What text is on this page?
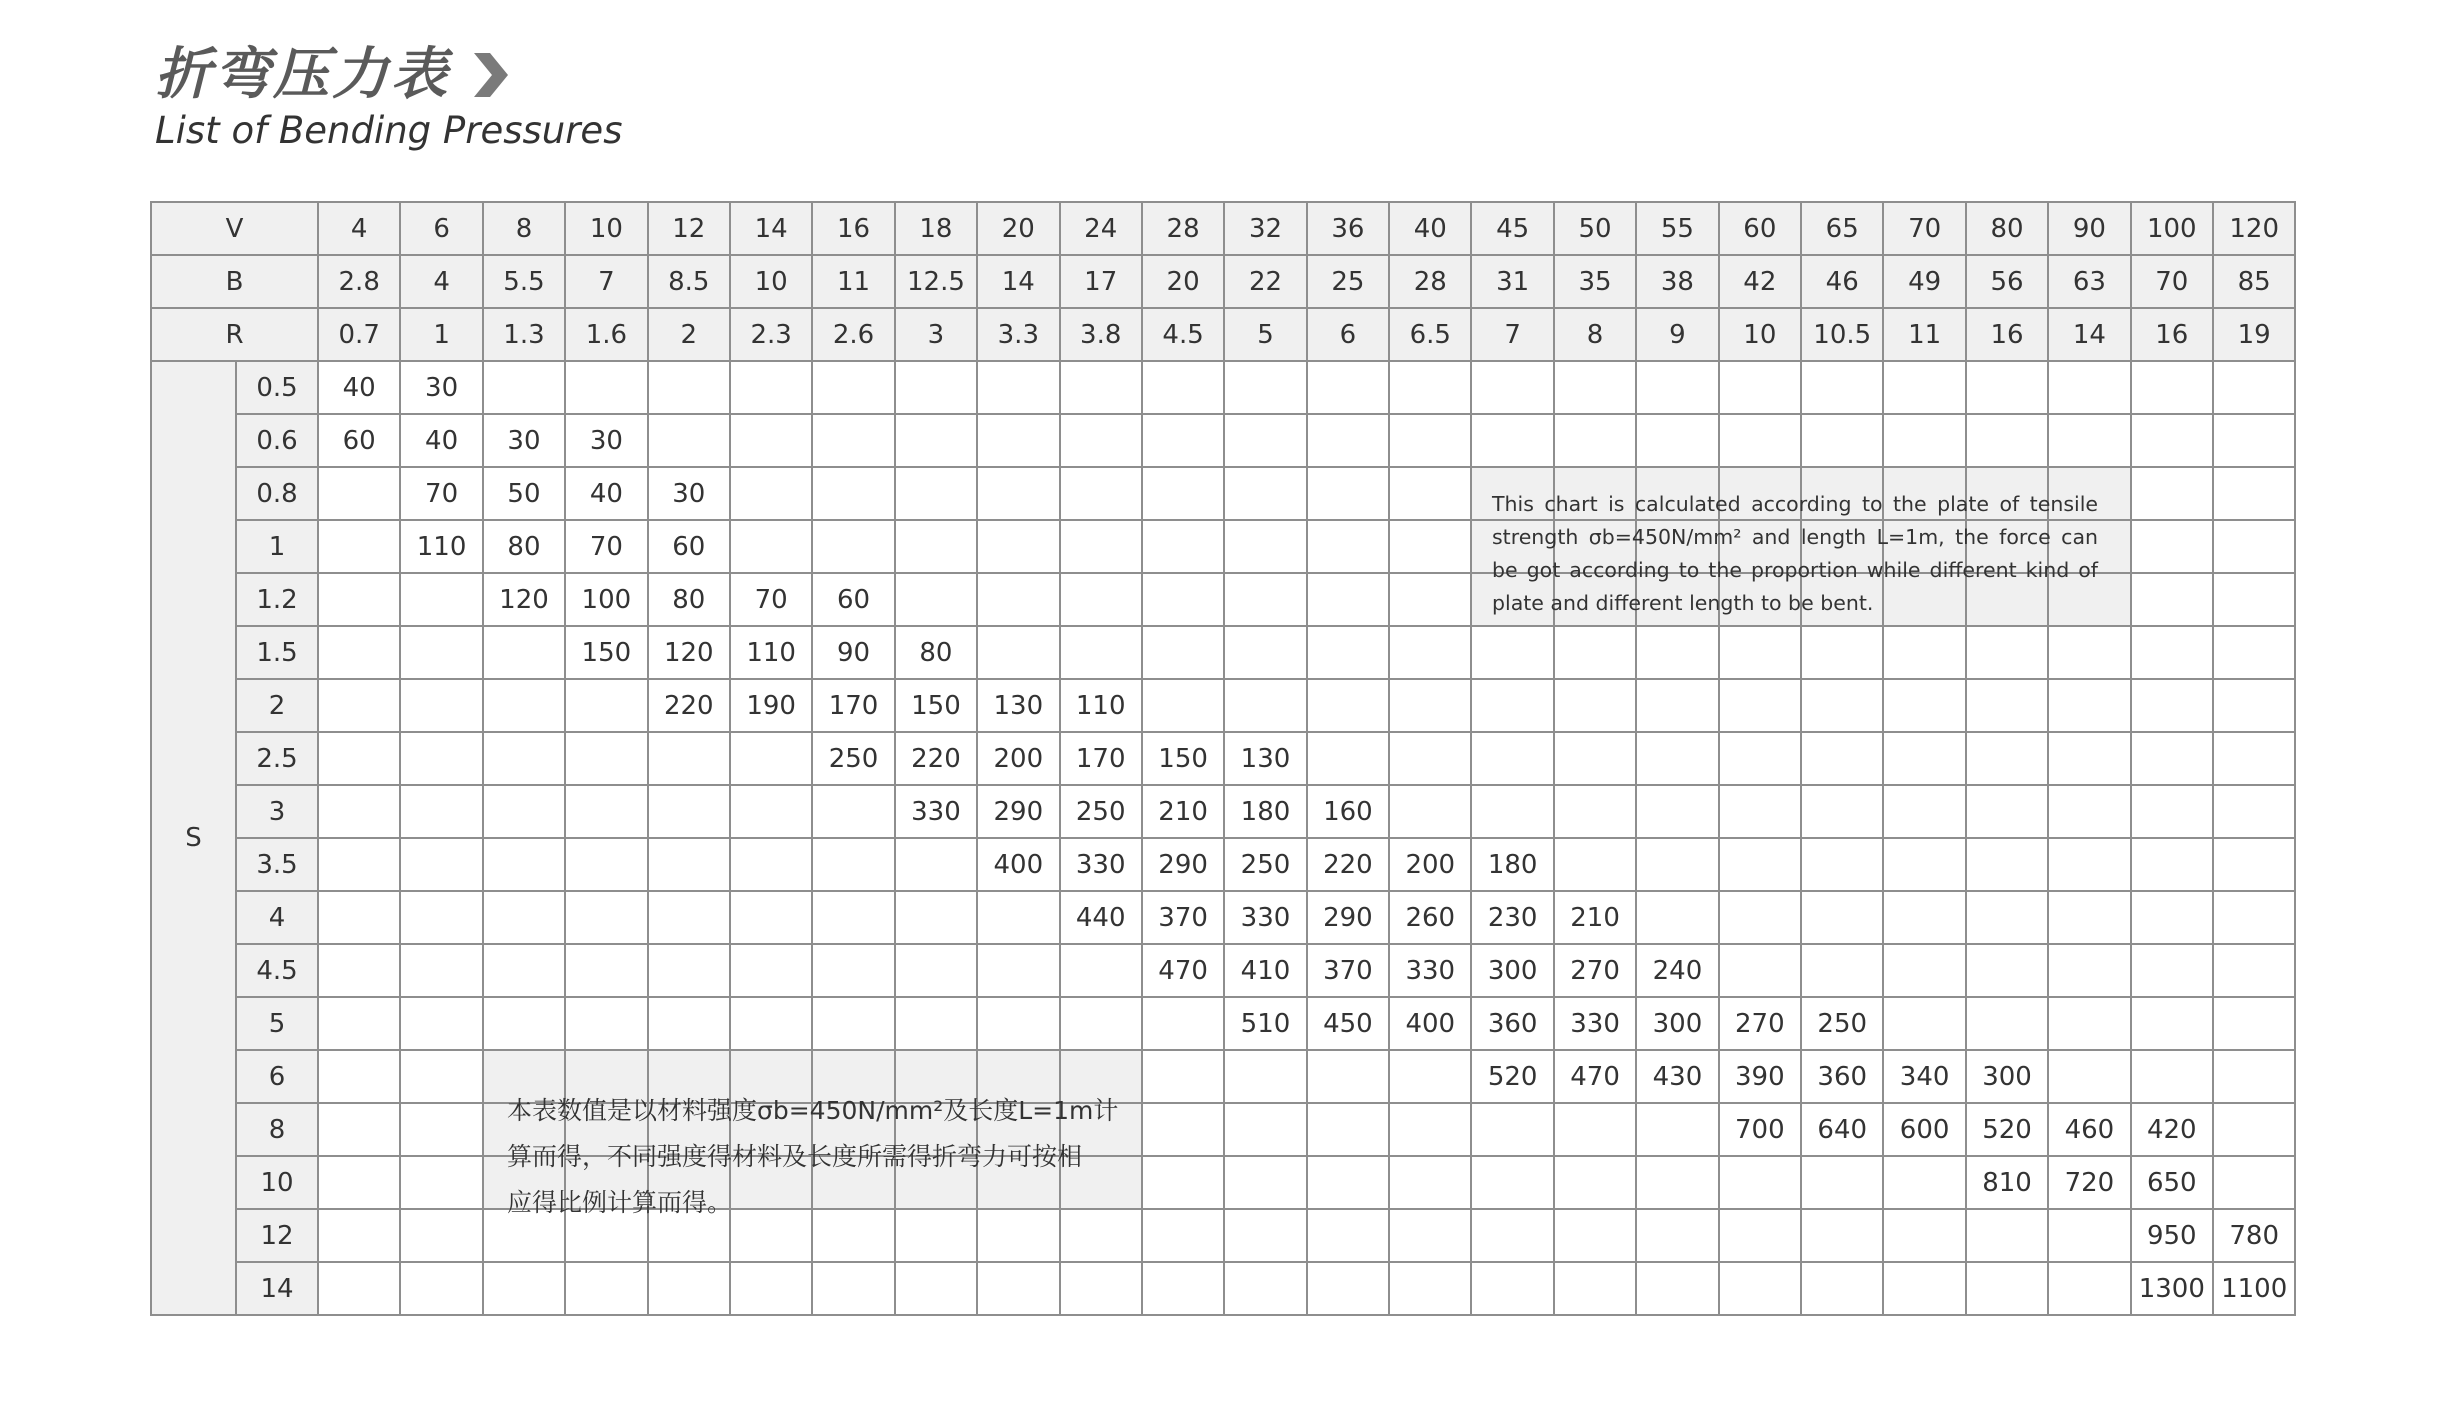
折弯压力表
List of Bending Pressures
V		4	6	8	10	12	14	16	18	20	24	28	32	36	40	45	50	55	60	65	70	80	90	100	120
B		2.8	4	5.5	7	8.5	10	11	12.5	14	17	20	22	25	28	31	35	38	42	46	49	56	63	70	85
R		0.7	1	1.3	1.6	2	2.3	2.6	3	3.3	3.8	4.5	5	6	6.5	7	8	9	10	10.5	11	16	14	16	19
S	0.5	40	30																						
	0.6	60	40	30	30																				
	0.8		70	50	40	30																			
	1		110	80	70	60																			
	1.2			120	100	80	70	60																	
	1.5				150	120	110	90	80																
	2					220	190	170	150	130	110														
	2.5							250	220	200	170	150	130												
	3								330	290	250	210	180	160											
	3.5									400	330	290	250	220	200	180									
	4										440	370	330	290	260	230	210								
	4.5											470	410	370	330	300	270	240							
	5												510	450	400	360	330	300	270	250					
	6															520	470	430	390	360	340	300			
	8																		700	640	600	520	460	420	
	10																					810	720	650	
	12																							950	780
	14																							1300	1100
This chart is calculated according to the plate of tensile strength σb=450N/mm² and length L=1m, the force can be got according to the proportion while different kind of plate and different length to be bent.
本表数值是以材料强度σb=450N/mm²及长度L=1m计
算而得，不同强度得材料及长度所需得折弯力可按相
应得比例计算而得。
